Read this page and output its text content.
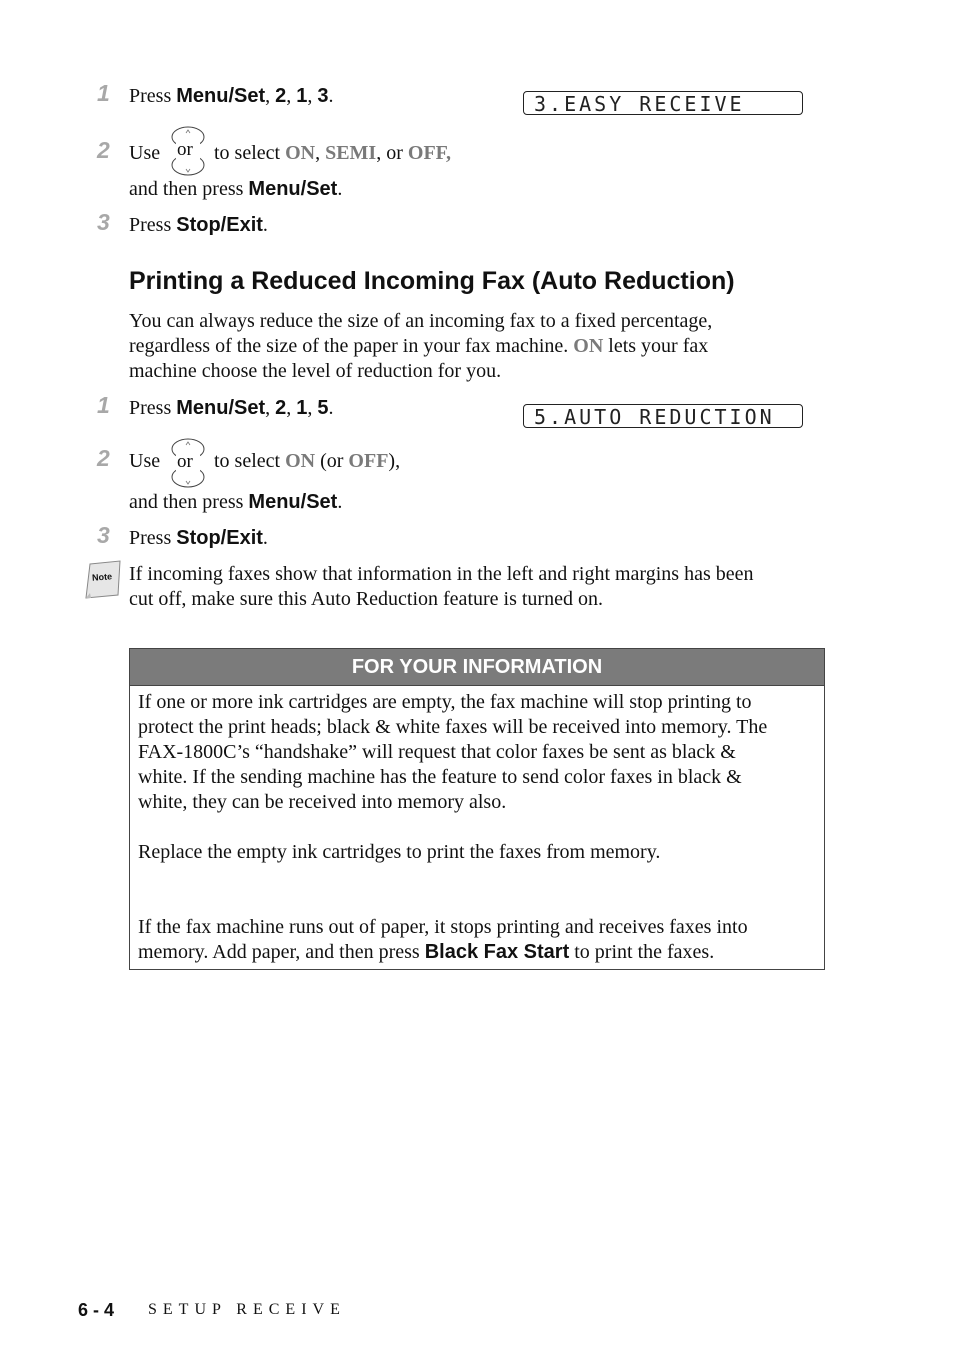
1 Press Menu/Set, 2, 1, 3.	3.EASY RECEIVE
2 Use or to select ON, SEMI, or OFF,
and then press Menu/Set.
3 Press Stop/Exit.
Printing a Reduced Incoming Fax (Auto Reduction)
You can always reduce the size of an incoming fax to a fixed percentage,
regardless of the size of the paper in your fax machine. ON lets your fax
machine choose the level of reduction for you.
1 Press Menu/Set, 2, 1, 5.	5.AUTO REDUCTION
2 Use or to select ON (or OFF),
and then press Menu/Set.
3 Press Stop/Exit.
Note If incoming faxes show that information in the left and right margins has been
cut off, make sure this Auto Reduction feature is turned on.
FOR YOUR INFORMATION
If one or more ink cartridges are empty, the fax machine will stop printing to
protect the print heads; black & white faxes will be received into memory. The
FAX-1800C’s “handshake” will request that color faxes be sent as black &
white. If the sending machine has the feature to send color faxes in black &
white, they can be received into memory also.
Replace the empty ink cartridges to print the faxes from memory.
If the fax machine runs out of paper, it stops printing and receives faxes into
memory. Add paper, and then press Black Fax Start to print the faxes.
6 - 4 SETUP RECEIVE
